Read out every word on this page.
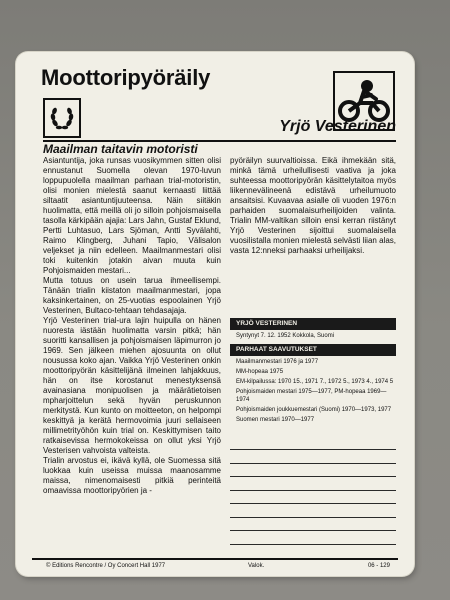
Moottoripyöräily
Yrjö Vesterinen
Maailman taitavin motoristi

Asiantuntija, joka runsas vuosikymmen sitten olisi ennustanut Suomella olevan 1970-luvun loppupuolella maailman parhaan trial-motoristin, olisi monien mielestä saanut kernaasti liittää siltaatit asiantuntijuuteensa. Näin siitäkin huolimatta, että meillä oli jo silloin pohjoismaisella tasolla kärkipään ajajia: Lars Jahn, Gustaf Eklund, Pertti Luhtasuo, Lars Sjöman, Antti Syvälahti, Raimo Klingberg, Juhani Tapio, Välisalon veljekset ja niin edelleen. Maailmanmestari olisi toki kuitenkin jotakin aivan muuta kuin Pohjoismaiden mestari...

Mutta totuus on usein tarua ihmeellisempi. Tänään trialin kiistaton maailmanmestari, jopa kaksinkertainen, on 25-vuotias espoolainen Yrjö Vesterinen, Bultaco-tehtaan tehdasajaja.

Yrjö Vesterinen trial-ura lajin huipulla on hänen nuoresta iästään huolimatta varsin pitkä; hän suoritti kansallisen ja pohjoismaisen läpimurron jo 1969. Sen jälkeen miehen ajosuunta on ollut nousussa koko ajan. Vaikka Yrjö Vesterinen onkin moottoripyörän käsittelijänä ilmeinen lahjakkuus, hän on itse korostanut menestyksensä avainasiana monipuolisen ja määrätietoisen mpharjoittelun sekä hyvän peruskunnon merkitystä. Kun kunto on moitteeton, on helpompi keskittyä ja kerätä hermovoimia juuri sellaiseen millimetrityöhön kuin trial on. Keskittymisen taito ratkaisevissa hermokokeissa on ollut yksi Yrjö Vesterisen vahvoista valteista.

Trialin arvostus ei, ikävä kyllä, ole Suomessa sitä luokkaa kuin useissa muissa maanosamme maissa, nimenomaisesti pitkiä perinteitä omaavissa moottoripyörien ja -

pyöräilyn suurvaltioissa. Eikä ihmekään sitä, minkä tämä urheilullisesti vaativa ja joka suhteessa moottoripyörän käsittelytaitoa myös liikennevälineenä edistävä urheilumuoto ansaitsisi. Kuvaavaa asialle oli vuoden 1976:n parhaiden suomalaisurheilijoiden valinta. Trialin MM-valtikan silloin ensi kerran riistänyt Yrjö Vesterinen sijoittui suomalaisella vuosilistalla monien mielestä selvästi liian alas, vasta 12:nneksi parhaaksi urheilijaksi.

YRJÖ VESTERINEN
Syntynyt 7. 12. 1952 Kokkola, Suomi
PARHAAT SAAVUTUKSET
Maailmanmestari 1976 ja 1977
MM-hopeaa 1975
EM-kilpailussa: 1970 15., 1971 7., 1972 5., 1973 4., 1974 5
Pohjoismaiden mestari 1975—1977, PM-hopeaa 1969—1974
Pohjoismaiden joukkuemestari (Suomi) 1970—1973, 1977
Suomen mestari 1970—1977
© Editions Rencontre / Oy Concert Hall 1977	Valok.	06 - 129
